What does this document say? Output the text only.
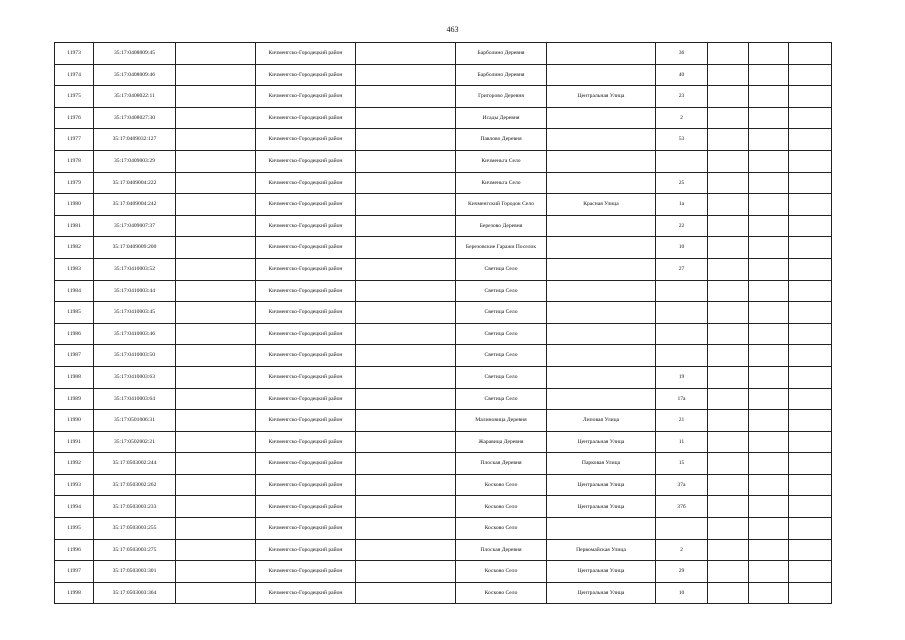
463
11973	35:17:0408009:45		Кичменгско-Городецкий район		Барболино Деревня		36			
11974	35:17:0408009:46		Кичменгско-Городецкий район		Барболино Деревня		40			
11975	35:17:0408022:11		Кичменгско-Городецкий район		Григорово Деревня	Центральная Улица	23			
11976	35:17:0408027:30		Кичменгско-Городецкий район		Исады Деревня		2			
11977	35:17:0409032:127		Кичменгско-Городецкий район		Павлово Деревня		53			
11978	35:17:0409003:29		Кичменгско-Городецкий район		Кичменьга Село					
11979	35:17:0409004:222		Кичменгско-Городецкий район		Кичменьга Село		25			
11980	35:17:0409004:242		Кичменгско-Городецкий район		Кичменгский Городок Село	Красная Улица	1а			
11981	35:17:0409007:37		Кичменгско-Городецкий район		Березово Деревня		22			
11982	35:17:0409009:200		Кичменгско-Городецкий район		Березовские Гаражи Поселок		10			
11983	35:17:0410003:52		Кичменгско-Городецкий район		Светица Село		27			
11984	35:17:0410003:44		Кичменгско-Городецкий район		Светица Село					
11985	35:17:0410003:45		Кичменгско-Городецкий район		Светица Село					
11986	35:17:0410003:46		Кичменгско-Городецкий район		Светица Село					
11987	35:17:0410003:50		Кичменгско-Городецкий район		Светица Село					
11988	35:17:0410003:63		Кичменгско-Городецкий район		Светица Село		19			
11989	35:17:0410003:64		Кичменгско-Городецкий район		Светица Село		17а			
11990	35:17:0501006:31		Кичменгско-Городецкий район		Малиновица Деревня	Липовая Улица	21			
11991	35:17:0502002:21		Кичменгско-Городецкий район		Жаравица Деревня	Центральная Улица	11			
11992	35:17:0503002:244		Кичменгско-Городецкий район		Плоская Деревня	Парковая Улица	15			
11993	35:17:0503002:262		Кичменгско-Городецкий район		Косково Село	Центральная Улица	37а			
11994	35:17:0503003:233		Кичменгско-Городецкий район		Косково Село	Центральная Улица	37б			
11995	35:17:0503003:255		Кичменгско-Городецкий район		Косково Село					
11996	35:17:0503003:275		Кичменгско-Городецкий район		Плоская Деревня	Первомайская Улица	2			
11997	35:17:0503003:301		Кичменгско-Городецкий район		Косково Село	Центральная Улица	29			
11998	35:17:0503003:364		Кичменгско-Городецкий район		Косково Село	Центральная Улица	10			
